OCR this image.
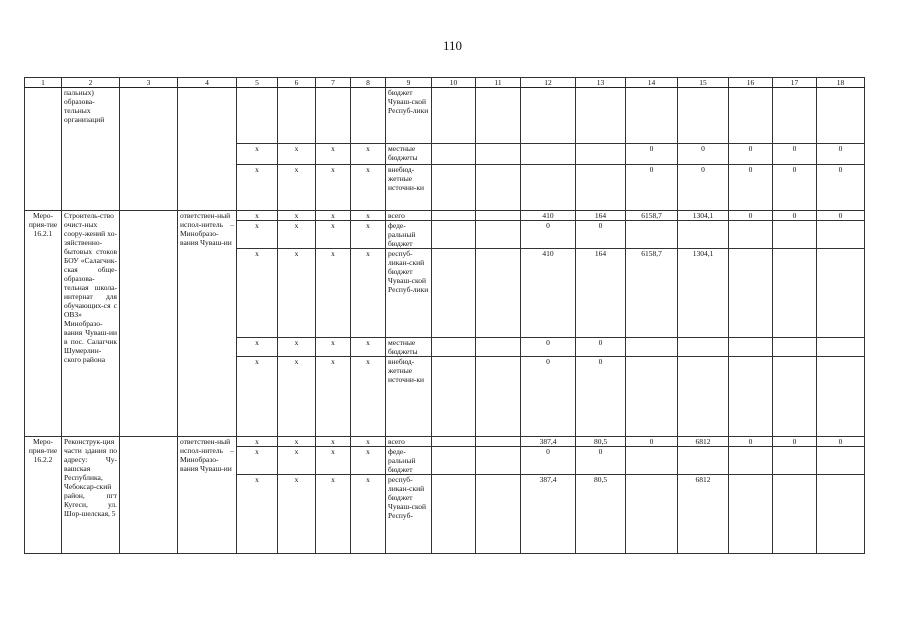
110
1	2	3	4	5	6	7	8	9	10	11	12	13	14	15	16	17	18
	пальных) образова-тельных организаций							бюджет Чуваш-ской Респуб-лики									
				x	x	x	x	местные бюджеты					0	0	0	0	0
				x	x	x	x	внебюд-жетные источни-ки					0	0	0	0	0
Меро-прия-тие 16.2.1	Строитель-ство очист-ных соору-жений хо-зяйственно-бытовых стоков БОУ «Салагчик-ская обще-образова-тельная школа-интернат для обучающих-ся с ОВЗ» Минобразо-вания Чуваш-ии в пос. Салагчик Шумерлин-ского района		ответствен-ный испол-нитель – Минобразо-вания Чуваш-ии	x	x	x	x	всего			410	164	6158,7	1304,1	0	0	0
				x	x	x	x	феде-ральный бюджет			0	0					
				x	x	x	x	респуб-ликан-ский бюджет Чуваш-ской Респуб-лики			410	164	6158,7	1304,1			
				x	x	x	x	местные бюджеты			0	0					
				x	x	x	x	внебюд-жетные источни-ки			0	0					
Меро-прия-тие 16.2.2	Реконструк-ция части здания по адресу: Чу-вашская Республика, Чебоксар-ский район, пгт Кугеси, ул. Шор-шелская, 5		ответствен-ный испол-нитель – Минобразо-вания Чуваш-ии	x	x	x	x	всего			387,4	80,5	0	6812	0	0	0
				x	x	x	x	феде-ральный бюджет			0	0					
				x	x	x	x	респуб-ликан-ский бюджет Чуваш-ской Респуб-			387,4	80,5		6812			
